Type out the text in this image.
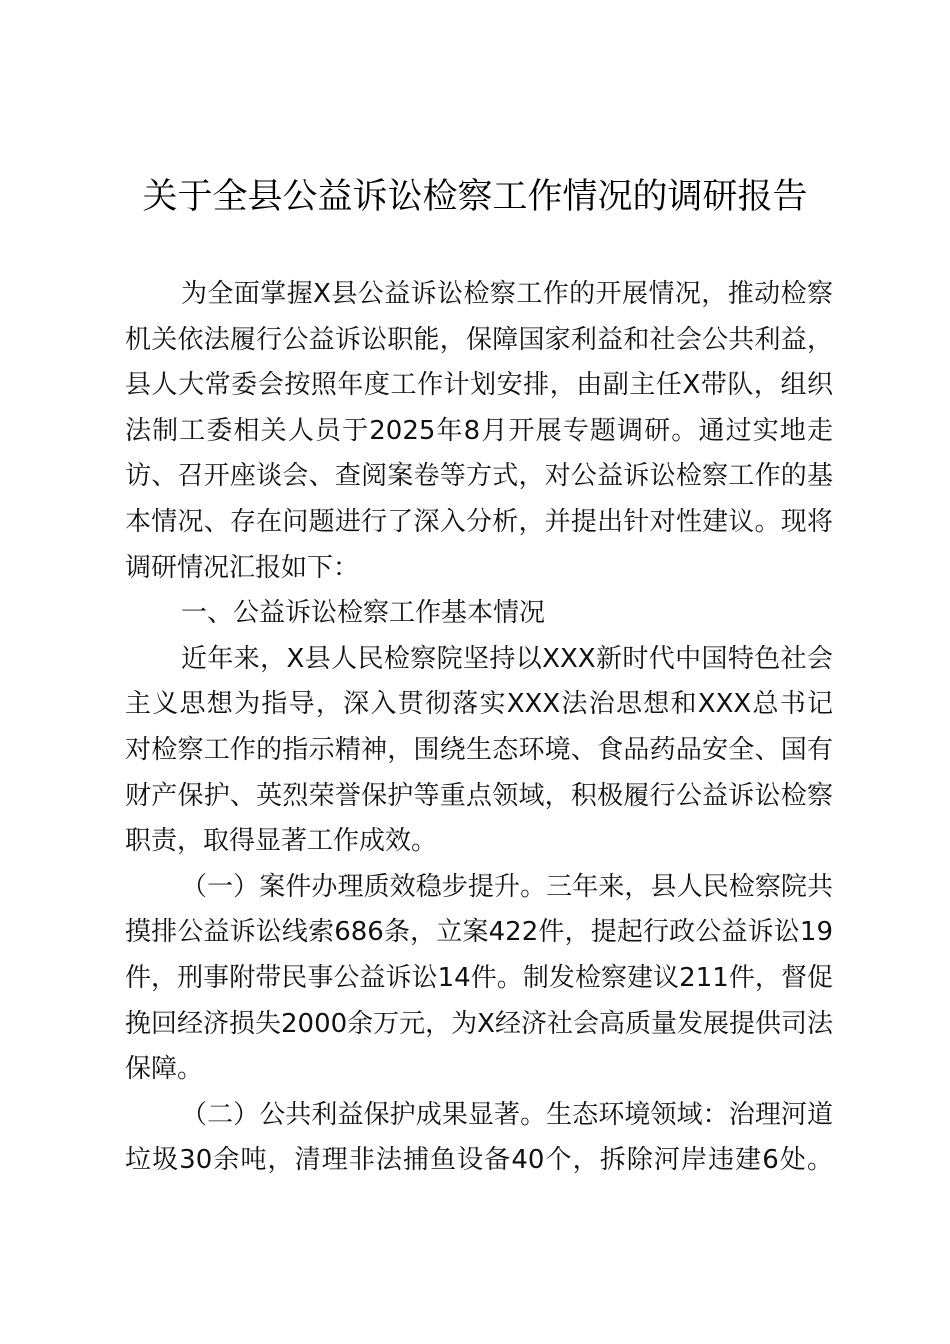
关于全县公益诉讼检察工作情况的调研报告
为全面掌握X县公益诉讼检察工作的开展情况，推动检察
机关依法履行公益诉讼职能，保障国家利益和社会公共利益，
县人大常委会按照年度工作计划安排，由副主任X带队，组织
法制工委相关人员于2025年8月开展专题调研。通过实地走
访、召开座谈会、查阅案卷等方式，对公益诉讼检察工作的基
本情况、存在问题进行了深入分析，并提出针对性建议。现将
调研情况汇报如下：
一、公益诉讼检察工作基本情况
近年来，X县人民检察院坚持以XXX新时代中国特色社会
主义思想为指导，深入贯彻落实XXX法治思想和XXX总书记
对检察工作的指示精神，围绕生态环境、食品药品安全、国有
财产保护、英烈荣誉保护等重点领域，积极履行公益诉讼检察
职责，取得显著工作成效。
（一）案件办理质效稳步提升。三年来，县人民检察院共
摸排公益诉讼线索686条，立案422件，提起行政公益诉讼19
件，刑事附带民事公益诉讼14件。制发检察建议211件，督促
挽回经济损失2000余万元，为X经济社会高质量发展提供司法
保障。
（二）公共利益保护成果显著。生态环境领域：治理河道
垃圾30余吨，清理非法捕鱼设备40个，拆除河岸违建6处。
